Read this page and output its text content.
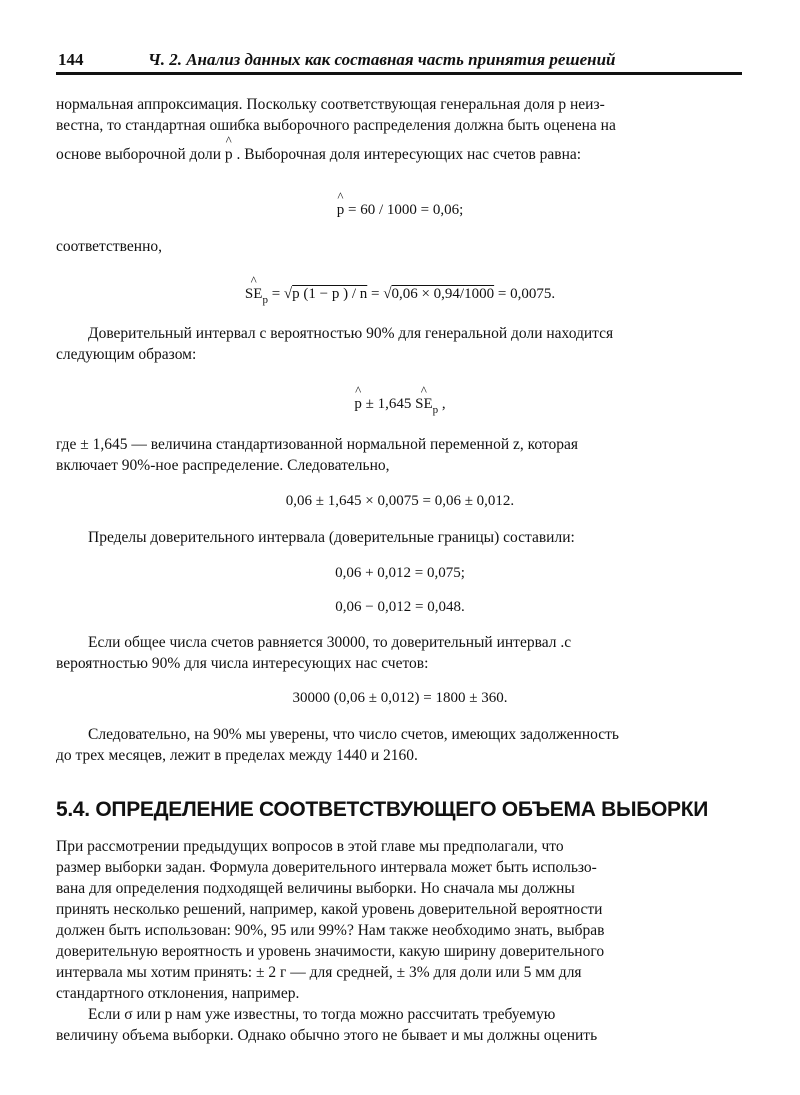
144	Ч. 2. Анализ данных как составная часть принятия решений
нормальная аппроксимация. Поскольку соответствующая генеральная доля p неиз-
вестна, то стандартная ошибка выборочного распределения должна быть оценена на
основе выборочной доли ^ p . Выборочная доля интересующих нас счетов равна:
^ p = 60 / 1000 = 0,06;
соответственно,
^ $SE_p = √p$ (1 − p ) / n = √0,06 × 0,94/1000 = 0,0075.
Доверительный интервал с вероятностью 90% для генеральной доли находится
следующим образом:
^ p ± 1,645 ^ $SE_p$ ,
где ± 1,645 — величина стандартизованной нормальной переменной z, которая
включает 90%-ное распределение. Следовательно,
0,06 ± 1,645 × 0,0075 = 0,06 ± 0,012.
Пределы доверительного интервала (доверительные границы) составили:
0,06 + 0,012 = 0,075;
0,06 − 0,012 = 0,048.
Если общее числа счетов равняется 30000, то доверительный интервал .с
вероятностью 90% для числа интересующих нас счетов:
30000 (0,06 ± 0,012) = 1800 ± 360.
Следовательно, на 90% мы уверены, что число счетов, имеющих задолженность
до трех месяцев, лежит в пределах между 1440 и 2160.
5.4. ОПРЕДЕЛЕНИЕ СООТВЕТСТВУЮЩЕГО ОБЪЕМА ВЫБОРКИ
При рассмотрении предыдущих вопросов в этой главе мы предполагали, что
размер выборки задан. Формула доверительного интервала может быть использо-
вана для определения подходящей величины выборки. Но сначала мы должны
принять несколько решений, например, какой уровень доверительной вероятности
должен быть использован: 90%, 95 или 99%? Нам также необходимо знать, выбрав
доверительную вероятность и уровень значимости, какую ширину доверительного
интервала мы хотим принять: ± 2 г — для средней, ± 3% для доли или 5 мм для
стандартного отклонения, например.
Если σ или p нам уже известны, то тогда можно рассчитать требуемую
величину объема выборки. Однако обычно этого не бывает и мы должны оценить
